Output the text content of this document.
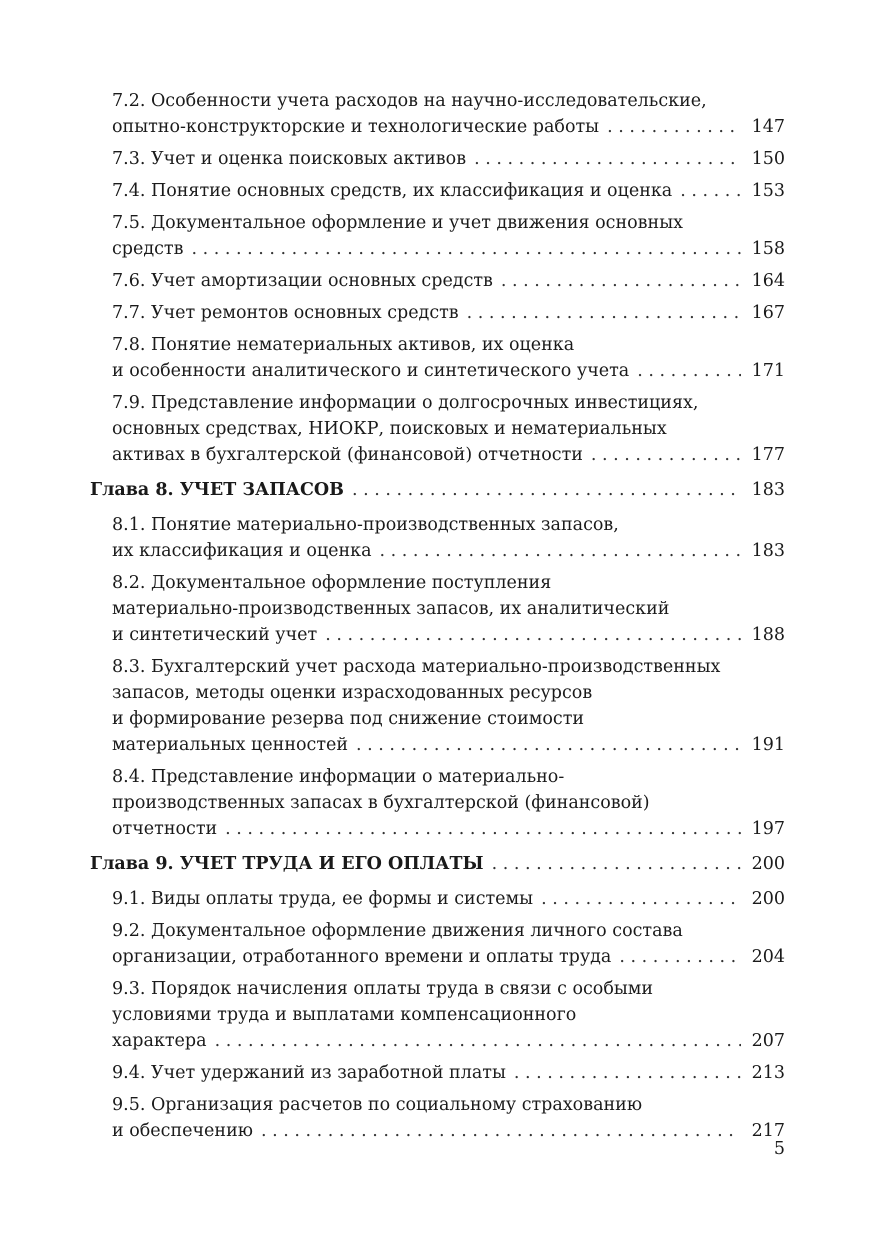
7.2. Особенности учета расходов на научно-исследовательские,
опытно-конструкторские и технологические работы . . .	147
7.3. Учет и оценка поисковых активов . . .	150
7.4. Понятие основных средств, их классификация и оценка . . .	153
7.5. Документальное оформление и учет движения основных
средств . . .	158
7.6. Учет амортизации основных средств . . .	164
7.7. Учет ремонтов основных средств . . .	167
7.8. Понятие нематериальных активов, их оценка
и особенности аналитического и синтетического учета . . .	171
7.9. Представление информации о долгосрочных инвестициях,
основных средствах, НИОКР, поисковых и нематериальных
активах в бухгалтерской (финансовой) отчетности . . .	177
Глава 8. УЧЕТ ЗАПАСОВ . . .	183
8.1. Понятие материально-производственных запасов,
их классификация и оценка . . .	183
8.2. Документальное оформление поступления
материально-производственных запасов, их аналитический
и синтетический учет . . .	188
8.3. Бухгалтерский учет расхода материально-производственных
запасов, методы оценки израсходованных ресурсов
и формирование резерва под снижение стоимости
материальных ценностей . . .	191
8.4. Представление информации о материально-
производственных запасах в бухгалтерской (финансовой)
отчетности . . .	197
Глава 9. УЧЕТ ТРУДА И ЕГО ОПЛАТЫ . . .	200
9.1. Виды оплаты труда, ее формы и системы . . .	200
9.2. Документальное оформление движения личного состава
организации, отработанного времени и оплаты труда . . .	204
9.3. Порядок начисления оплаты труда в связи с особыми
условиями труда и выплатами компенсационного
характера . . .	207
9.4. Учет удержаний из заработной платы . . .	213
9.5. Организация расчетов по социальному страхованию
и обеспечению . . .	217
5
